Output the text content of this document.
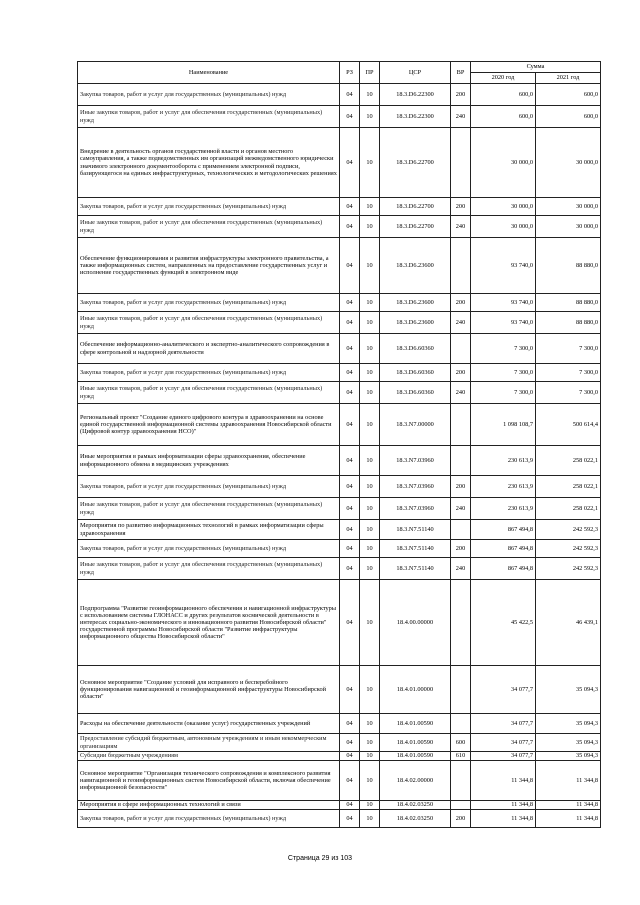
Наименование	РЗ	ПР	ЦСР	ВР	Сумма	
					2020 год	2021 год
Закупка товаров, работ и услуг для государственных (муниципальных) нужд	04	10	18.3.D6.22300	200	600,0	600,0
Иные закупки товаров, работ и услуг для обеспечения государственных (муниципальных) нужд	04	10	18.3.D6.22300	240	600,0	600,0
Внедрение в деятельность органов государственной власти и органов местного самоуправления, а также подведомственных им организаций межведомственного юридически значимого электронного документооборота с применением электронной подписи, базирующегося на единых инфраструктурных, технологических и методологических решениях	04	10	18.3.D6.22700		30 000,0	30 000,0
Закупка товаров, работ и услуг для государственных (муниципальных) нужд	04	10	18.3.D6.22700	200	30 000,0	30 000,0
Иные закупки товаров, работ и услуг для обеспечения государственных (муниципальных) нужд	04	10	18.3.D6.22700	240	30 000,0	30 000,0
Обеспечение функционирования и развития инфраструктуры электронного правительства, а также информационных систем, направленных на предоставление государственных услуг и исполнение государственных функций в электронном виде	04	10	18.3.D6.23600		93 740,0	88 880,0
Закупка товаров, работ и услуг для государственных (муниципальных) нужд	04	10	18.3.D6.23600	200	93 740,0	88 880,0
Иные закупки товаров, работ и услуг для обеспечения государственных (муниципальных) нужд	04	10	18.3.D6.23600	240	93 740,0	88 880,0
Обеспечение информационно-аналитического и экспертно-аналитического сопровождения в сфере контрольной и надзорной деятельности	04	10	18.3.D6.60360		7 300,0	7 300,0
Закупка товаров, работ и услуг для государственных (муниципальных) нужд	04	10	18.3.D6.60360	200	7 300,0	7 300,0
Иные закупки товаров, работ и услуг для обеспечения государственных (муниципальных) нужд	04	10	18.3.D6.60360	240	7 300,0	7 300,0
Региональный проект "Создание единого цифрового контура в здравоохранении на основе единой государственной информационной системы здравоохранения Новосибирской области (Цифровой контур здравоохранения НСО)"	04	10	18.3.N7.00000		1 098 108,7	500 614,4
Иные мероприятия в рамках информатизации сферы здравоохранения, обеспечение информационного обмена в медицинских учреждениях	04	10	18.3.N7.03960		230 613,9	258 022,1
Закупка товаров, работ и услуг для государственных (муниципальных) нужд	04	10	18.3.N7.03960	200	230 613,9	258 022,1
Иные закупки товаров, работ и услуг для обеспечения государственных (муниципальных) нужд	04	10	18.3.N7.03960	240	230 613,9	258 022,1
Мероприятия по развитию информационных технологий в рамках информатизации сферы здравоохранения	04	10	18.3.N7.51140		867 494,8	242 592,3
Закупка товаров, работ и услуг для государственных (муниципальных) нужд	04	10	18.3.N7.51140	200	867 494,8	242 592,3
Иные закупки товаров, работ и услуг для обеспечения государственных (муниципальных) нужд	04	10	18.3.N7.51140	240	867 494,8	242 592,3
Подпрограмма "Развитие геоинформационного обеспечения и навигационной инфраструктуры с использованием системы ГЛОНАСС и других результатов космической деятельности в интересах социально-экономического и инновационного развития Новосибирской области" государственной программы Новосибирской области "Развитие инфраструктуры информационного общества Новосибирской области"	04	10	18.4.00.00000		45 422,5	46 439,1
Основное мероприятие "Создание условий для исправного и бесперебойного функционирования навигационной и геоинформационной инфраструктуры Новосибирской области"	04	10	18.4.01.00000		34 077,7	35 094,3
Расходы на обеспечение деятельности (оказание услуг) государственных учреждений	04	10	18.4.01.00590		34 077,7	35 094,3
Предоставление субсидий бюджетным, автономным учреждениям и иным некоммерческим организациям	04	10	18.4.01.00590	600	34 077,7	35 094,3
Субсидии бюджетным учреждениям	04	10	18.4.01.00590	610	34 077,7	35 094,3
Основное мероприятие "Организация технического сопровождения и комплексного развития навигационной и геоинформационных систем Новосибирской области, включая обеспечение информационной безопасности"	04	10	18.4.02.00000		11 344,8	11 344,8
Мероприятия в сфере информационных технологий и связи	04	10	18.4.02.03250		11 344,8	11 344,8
Закупка товаров, работ и услуг для государственных (муниципальных) нужд	04	10	18.4.02.03250	200	11 344,8	11 344,8
Страница 29 из 103
